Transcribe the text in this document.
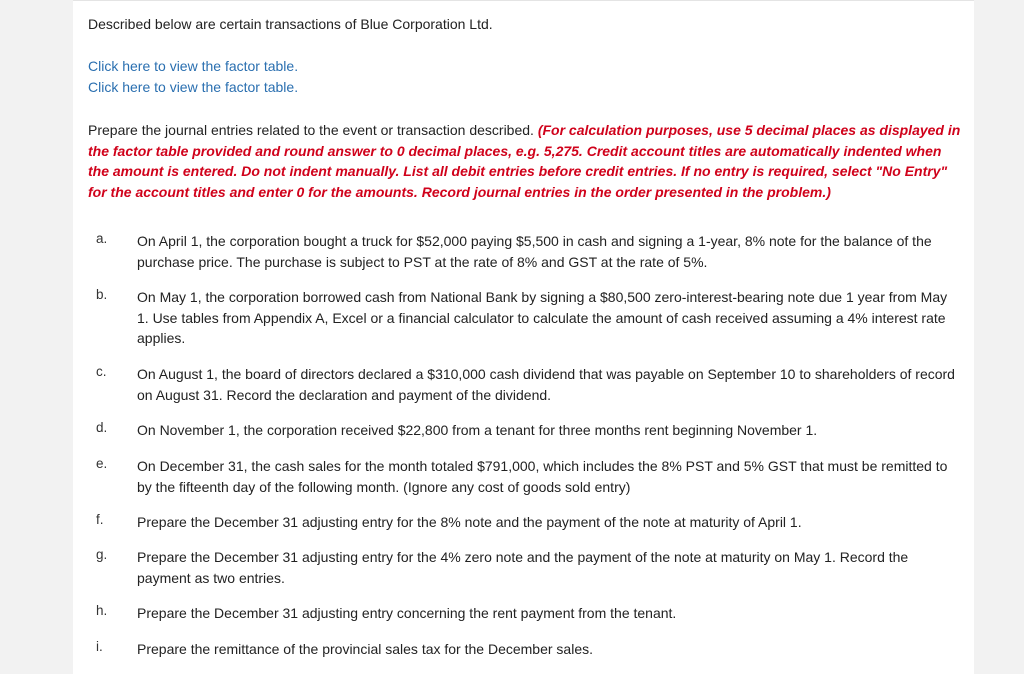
Described below are certain transactions of Blue Corporation Ltd.
Click here to view the factor table.
Click here to view the factor table.
Prepare the journal entries related to the event or transaction described. (For calculation purposes, use 5 decimal places as displayed in the factor table provided and round answer to 0 decimal places, e.g. 5,275. Credit account titles are automatically indented when the amount is entered. Do not indent manually. List all debit entries before credit entries. If no entry is required, select "No Entry" for the account titles and enter 0 for the amounts. Record journal entries in the order presented in the problem.)
a. On April 1, the corporation bought a truck for $52,000 paying $5,500 in cash and signing a 1-year, 8% note for the balance of the purchase price. The purchase is subject to PST at the rate of 8% and GST at the rate of 5%.
b. On May 1, the corporation borrowed cash from National Bank by signing a $80,500 zero-interest-bearing note due 1 year from May 1. Use tables from Appendix A, Excel or a financial calculator to calculate the amount of cash received assuming a 4% interest rate applies.
c. On August 1, the board of directors declared a $310,000 cash dividend that was payable on September 10 to shareholders of record on August 31. Record the declaration and payment of the dividend.
d. On November 1, the corporation received $22,800 from a tenant for three months rent beginning November 1.
e. On December 31, the cash sales for the month totaled $791,000, which includes the 8% PST and 5% GST that must be remitted to by the fifteenth day of the following month. (Ignore any cost of goods sold entry)
f. Prepare the December 31 adjusting entry for the 8% note and the payment of the note at maturity of April 1.
g. Prepare the December 31 adjusting entry for the 4% zero note and the payment of the note at maturity on May 1. Record the payment as two entries.
h. Prepare the December 31 adjusting entry concerning the rent payment from the tenant.
i. Prepare the remittance of the provincial sales tax for the December sales.
